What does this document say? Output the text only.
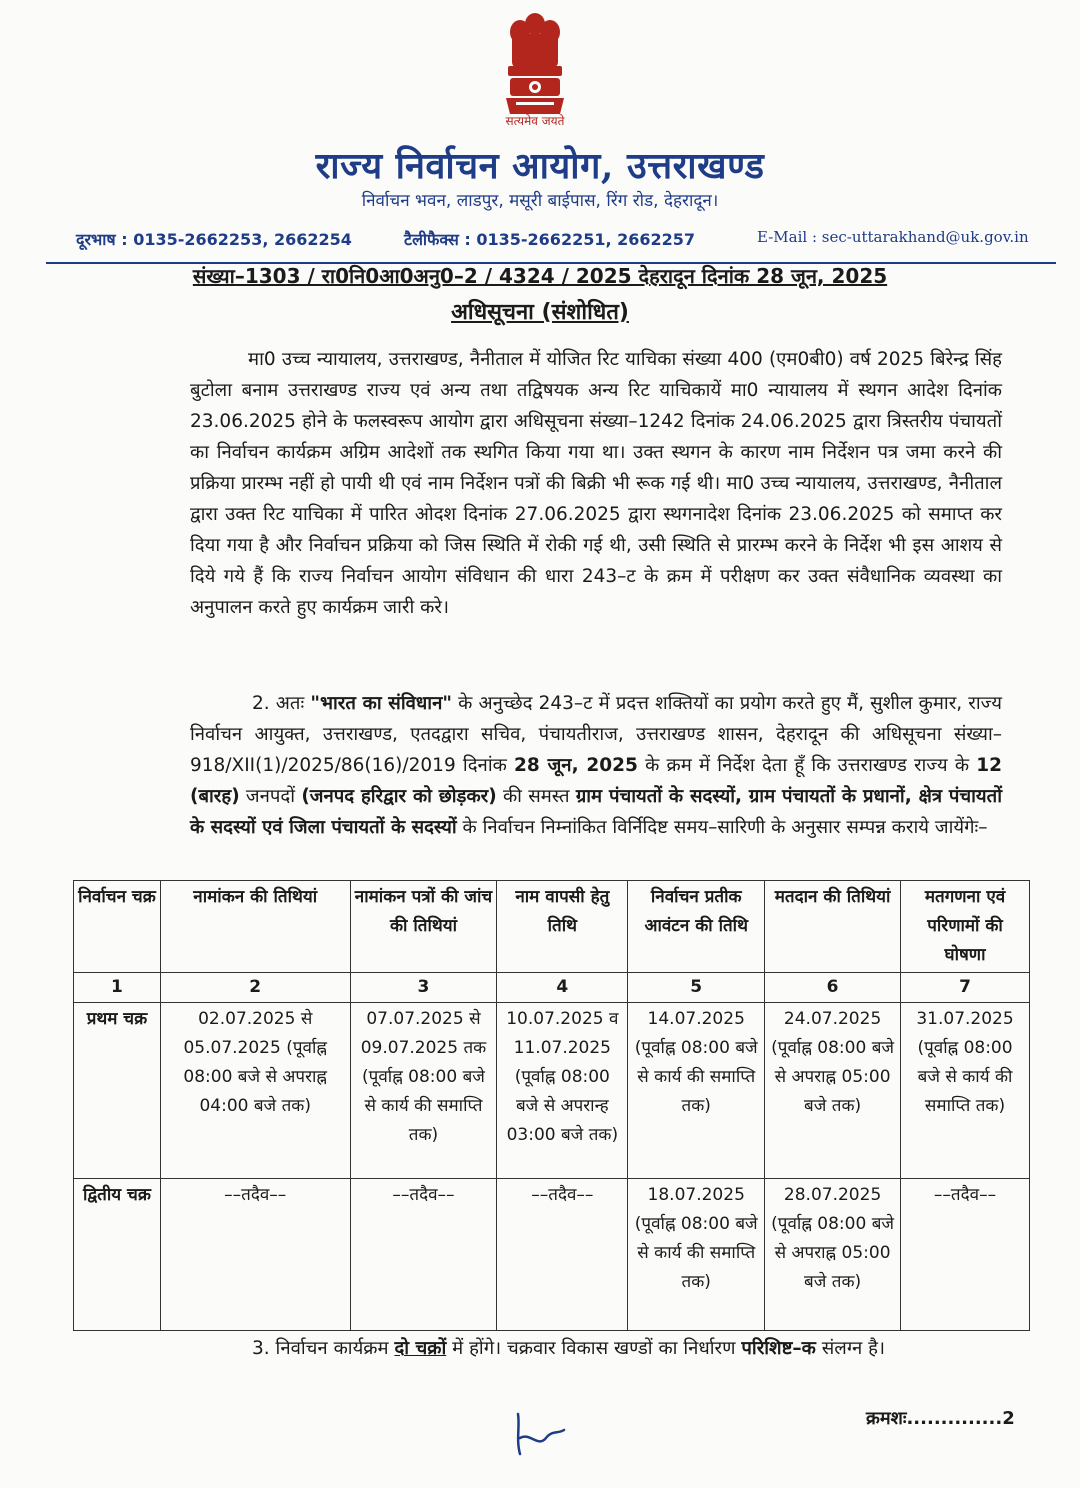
सत्यमेव जयते
राज्य निर्वाचन आयोग, उत्तराखण्ड
निर्वाचन भवन, लाडपुर, मसूरी बाईपास, रिंग रोड, देहरादून।
दूरभाष : 0135-2662253, 2662254	टैलीफैक्स : 0135-2662251, 2662257	E-Mail : sec-uttarakhand@uk.gov.in
संख्या–1303 / रा0नि0आ0अनु0–2 / 4324 / 2025 देहरादून दिनांक 28 जून, 2025
अधिसूचना (संशोधित)
मा0 उच्च न्यायालय, उत्तराखण्ड, नैनीताल में योजित रिट याचिका संख्या 400 (एम0बी0) वर्ष 2025 बिरेन्द्र सिंह बुटोला बनाम उत्तराखण्ड राज्य एवं अन्य तथा तद्विषयक अन्य रिट याचिकायें मा0 न्यायालय में स्थगन आदेश दिनांक 23.06.2025 होने के फलस्वरूप आयोग द्वारा अधिसूचना संख्या–1242 दिनांक 24.06.2025 द्वारा त्रिस्तरीय पंचायतों का निर्वाचन कार्यक्रम अग्रिम आदेशों तक स्थगित किया गया था। उक्त स्थगन के कारण नाम निर्देशन पत्र जमा करने की प्रक्रिया प्रारम्भ नहीं हो पायी थी एवं नाम निर्देशन पत्रों की बिक्री भी रूक गई थी। मा0 उच्च न्यायालय, उत्तराखण्ड, नैनीताल द्वारा उक्त रिट याचिका में पारित ओदश दिनांक 27.06.2025 द्वारा स्थगनादेश दिनांक 23.06.2025 को समाप्त कर दिया गया है और निर्वाचन प्रक्रिया को जिस स्थिति में रोकी गई थी, उसी स्थिति से प्रारम्भ करने के निर्देश भी इस आशय से दिये गये हैं कि राज्य निर्वाचन आयोग संविधान की धारा 243–ट के क्रम में परीक्षण कर उक्त संवैधानिक व्यवस्था का अनुपालन करते हुए कार्यक्रम जारी करे।
2. अतः "भारत का संविधान" के अनुच्छेद 243–ट में प्रदत्त शक्तियों का प्रयोग करते हुए मैं, सुशील कुमार, राज्य निर्वाचन आयुक्त, उत्तराखण्ड, एतदद्वारा सचिव, पंचायतीराज, उत्तराखण्ड शासन, देहरादून की अधिसूचना संख्या–918/XII(1)/2025/86(16)/2019 दिनांक 28 जून, 2025 के क्रम में निर्देश देता हूँ कि उत्तराखण्ड राज्य के 12 (बारह) जनपदों (जनपद हरिद्वार को छोड़कर) की समस्त ग्राम पंचायतों के सदस्यों, ग्राम पंचायतों के प्रधानों, क्षेत्र पंचायतों के सदस्यों एवं जिला पंचायतों के सदस्यों के निर्वाचन निम्नांकित विर्निदिष्ट समय–सारिणी के अनुसार सम्पन्न कराये जायेंगेः–
निर्वाचन चक्र	नामांकन की तिथियां	नामांकन पत्रों की जांच की तिथियां	नाम वापसी हेतु तिथि	निर्वाचन प्रतीक आवंटन की तिथि	मतदान की तिथियां	मतगणना एवं परिणामों की घोषणा
1	2	3	4	5	6	7
प्रथम चक्र	02.07.2025 से 05.07.2025 (पूर्वाह्न 08:00 बजे से अपराह्न 04:00 बजे तक)	07.07.2025 से 09.07.2025 तक (पूर्वाह्न 08:00 बजे से कार्य की समाप्ति तक)	10.07.2025 व 11.07.2025 (पूर्वाह्न 08:00 बजे से अपरान्ह 03:00 बजे तक)	14.07.2025 (पूर्वाह्न 08:00 बजे से कार्य की समाप्ति तक)	24.07.2025 (पूर्वाह्न 08:00 बजे से अपराह्न 05:00 बजे तक)	31.07.2025 (पूर्वाह्न 08:00 बजे से कार्य की समाप्ति तक)
द्वितीय चक्र	––तदैव––	––तदैव––	––तदैव––	18.07.2025 (पूर्वाह्न 08:00 बजे से कार्य की समाप्ति तक)	28.07.2025 (पूर्वाह्न 08:00 बजे से अपराह्न 05:00 बजे तक)	––तदैव––
3. निर्वाचन कार्यक्रम दो चक्रों में होंगे। चक्रवार विकास खण्डों का निर्धारण परिशिष्ट–क संलग्न है।
क्रमशः..............2
